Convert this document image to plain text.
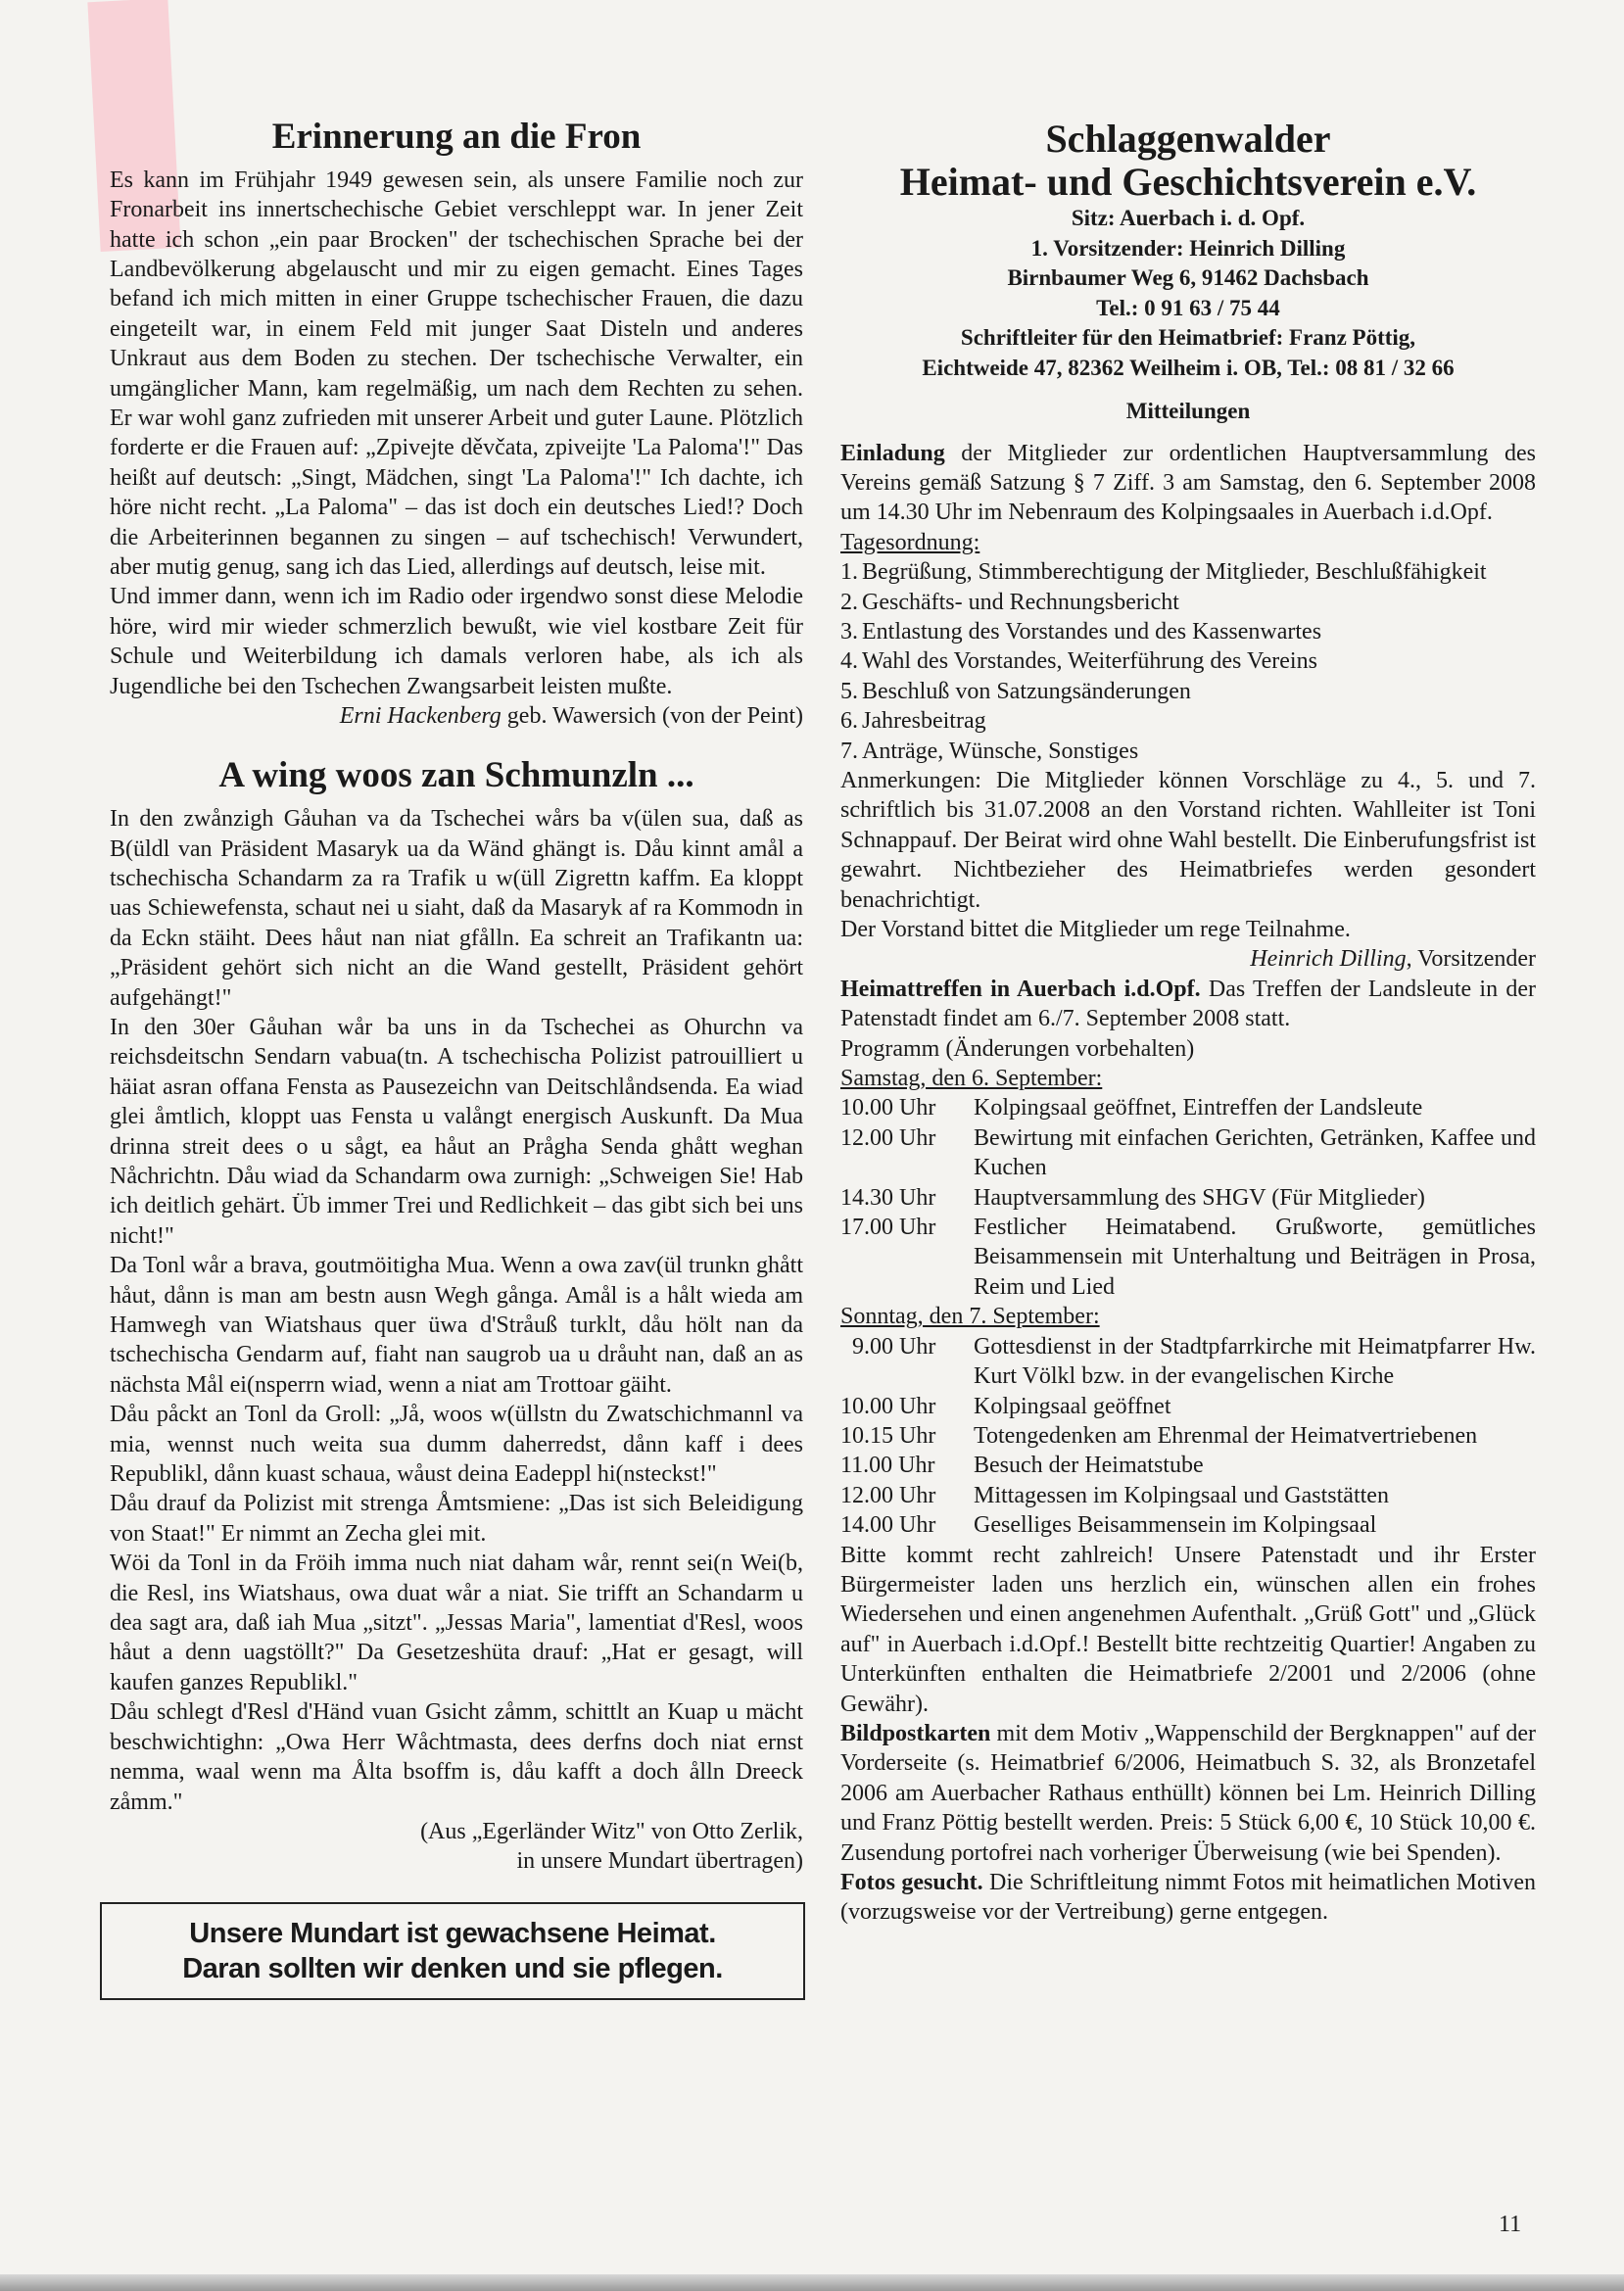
Erinnerung an die Fron

Es kann im Frühjahr 1949 gewesen sein, als unsere Familie noch zur Fronarbeit ins innertschechische Gebiet verschleppt war. In jener Zeit hatte ich schon „ein paar Brocken" der tschechischen Sprache bei der Landbevölkerung abgelauscht und mir zu eigen gemacht. Eines Tages befand ich mich mitten in einer Gruppe tschechischer Frauen, die dazu eingeteilt war, in einem Feld mit junger Saat Disteln und anderes Unkraut aus dem Boden zu stechen. Der tschechische Verwalter, ein umgänglicher Mann, kam regelmäßig, um nach dem Rechten zu sehen. Er war wohl ganz zufrieden mit unserer Arbeit und guter Laune. Plötzlich forderte er die Frauen auf: „Zpivejte děvčata, zpiveijte 'La Paloma'!" Das heißt auf deutsch: „Singt, Mädchen, singt 'La Paloma'!" Ich dachte, ich höre nicht recht. „La Paloma" – das ist doch ein deutsches Lied!? Doch die Arbeiterinnen begannen zu singen – auf tschechisch! Verwundert, aber mutig genug, sang ich das Lied, allerdings auf deutsch, leise mit.

Und immer dann, wenn ich im Radio oder irgendwo sonst diese Melodie höre, wird mir wieder schmerzlich bewußt, wie viel kostbare Zeit für Schule und Weiterbildung ich damals verloren habe, als ich als Jugendliche bei den Tschechen Zwangsarbeit leisten mußte.

Erni Hackenberg geb. Wawersich (von der Peint)

A wing woos zan Schmunzln ...

In den zwånzigh Gåuhan va da Tschechei wårs ba v(ülen sua, daß as B(üldl van Präsident Masaryk ua da Wänd ghängt is. Dåu kinnt amål a tschechischa Schandarm za ra Trafik u w(üll Zigrettn kaffm. Ea kloppt uas Schiewefensta, schaut nei u siaht, daß da Masaryk af ra Kommodn in da Eckn stäiht. Dees håut nan niat gfålln. Ea schreit an Trafikantn ua: „Präsident gehört sich nicht an die Wand gestellt, Präsident gehört aufgehängt!"

In den 30er Gåuhan wår ba uns in da Tschechei as Ohurchn va reichsdeitschn Sendarn vabua(tn. A tschechischa Polizist patrouilliert u häiat asran offana Fensta as Pausezeichn van Deitschlåndsenda. Ea wiad glei åmtlich, kloppt uas Fensta u valångt energisch Auskunft. Da Mua drinna streit dees o u sågt, ea håut an Prågha Senda ghått weghan Nåchrichtn. Dåu wiad da Schandarm owa zurnigh: „Schweigen Sie! Hab ich deitlich gehärt. Üb immer Trei und Redlichkeit – das gibt sich bei uns nicht!"

Da Tonl wår a brava, goutmöitigha Mua. Wenn a owa zav(ül trunkn ghått håut, dånn is man am bestn ausn Wegh gånga. Amål is a hålt wieda am Hamwegh van Wiatshaus quer üwa d'Stråuß turklt, dåu hölt nan da tschechischa Gendarm auf, fiaht nan saugrob ua u dråuht nan, daß an as nächsta Mål ei(nsperrn wiad, wenn a niat am Trottoar gäiht.

Dåu påckt an Tonl da Groll: „Jå, woos w(üllstn du Zwatschichmannl va mia, wennst nuch weita sua dumm daherredst, dånn kaff i dees Republikl, dånn kuast schaua, wåust deina Eadeppl hi(nsteckst!"

Dåu drauf da Polizist mit strenga Åmtsmiene: „Das ist sich Beleidigung von Staat!" Er nimmt an Zecha glei mit.

Wöi da Tonl in da Fröih imma nuch niat daham wår, rennt sei(n Wei(b, die Resl, ins Wiatshaus, owa duat wår a niat. Sie trifft an Schandarm u dea sagt ara, daß iah Mua „sitzt". „Jessas Maria", lamentiat d'Resl, woos håut a denn uagstöllt?" Da Gesetzeshüta drauf: „Hat er gesagt, will kaufen ganzes Republikl."

Dåu schlegt d'Resl d'Händ vuan Gsicht zåmm, schittlt an Kuap u mächt beschwichtighn: „Owa Herr Wåchtmasta, dees derfns doch niat ernst nemma, waal wenn ma Ålta bsoffm is, dåu kafft a doch ålln Dreeck zåmm."

(Aus „Egerländer Witz" von Otto Zerlik,

in unsere Mundart übertragen)

Unsere Mundart ist gewachsene Heimat.
Daran sollten wir denken und sie pflegen.
Schlaggenwalder
Heimat- und Geschichtsverein e.V.

Sitz: Auerbach i. d. Opf.

1. Vorsitzender: Heinrich Dilling

Birnbaumer Weg 6, 91462 Dachsbach

Tel.: 0 91 63 / 75 44

Schriftleiter für den Heimatbrief: Franz Pöttig,

Eichtweide 47, 82362 Weilheim i. OB, Tel.: 08 81 / 32 66

Mitteilungen

Einladung der Mitglieder zur ordentlichen Hauptversammlung des Vereins gemäß Satzung § 7 Ziff. 3 am Samstag, den 6. September 2008 um 14.30 Uhr im Nebenraum des Kolpingsaales in Auerbach i.d.Opf.

Tagesordnung:

1. Begrüßung, Stimmberechtigung der Mitglieder, Beschlußfähigkeit
2. Geschäfts- und Rechnungsbericht
3. Entlastung des Vorstandes und des Kassenwartes
4. Wahl des Vorstandes, Weiterführung des Vereins
5. Beschluß von Satzungsänderungen
6. Jahresbeitrag
7. Anträge, Wünsche, Sonstiges

Anmerkungen: Die Mitglieder können Vorschläge zu 4., 5. und 7. schriftlich bis 31.07.2008 an den Vorstand richten. Wahlleiter ist Toni Schnappauf. Der Beirat wird ohne Wahl bestellt. Die Einberufungsfrist ist gewahrt. Nichtbezieher des Heimatbriefes werden gesondert benachrichtigt.

Der Vorstand bittet die Mitglieder um rege Teilnahme.

Heinrich Dilling, Vorsitzender

Heimattreffen in Auerbach i.d.Opf. Das Treffen der Landsleute in der Patenstadt findet am 6./7. September 2008 statt.

Programm (Änderungen vorbehalten)

Samstag, den 6. September:

10.00 Uhr	Kolpingsaal geöffnet, Eintreffen der Landsleute
12.00 Uhr	Bewirtung mit einfachen Gerichten, Getränken, Kaffee und Kuchen
14.30 Uhr	Hauptversammlung des SHGV (Für Mitglieder)
17.00 Uhr	Festlicher Heimatabend. Grußworte, gemütliches Beisammensein mit Unterhaltung und Beiträgen in Prosa, Reim und Lied

Sonntag, den 7. September:

9.00 Uhr	Gottesdienst in der Stadtpfarrkirche mit Heimatpfarrer Hw. Kurt Völkl bzw. in der evangelischen Kirche
10.00 Uhr	Kolpingsaal geöffnet
10.15 Uhr	Totengedenken am Ehrenmal der Heimatvertriebenen
11.00 Uhr	Besuch der Heimatstube
12.00 Uhr	Mittagessen im Kolpingsaal und Gaststätten
14.00 Uhr	Geselliges Beisammensein im Kolpingsaal

Bitte kommt recht zahlreich! Unsere Patenstadt und ihr Erster Bürgermeister laden uns herzlich ein, wünschen allen ein frohes Wiedersehen und einen angenehmen Aufenthalt. „Grüß Gott" und „Glück auf" in Auerbach i.d.Opf.! Bestellt bitte rechtzeitig Quartier! Angaben zu Unterkünften enthalten die Heimatbriefe 2/2001 und 2/2006 (ohne Gewähr).

Bildpostkarten mit dem Motiv „Wappenschild der Bergknappen" auf der Vorderseite (s. Heimatbrief 6/2006, Heimatbuch S. 32, als Bronzetafel 2006 am Auerbacher Rathaus enthüllt) können bei Lm. Heinrich Dilling und Franz Pöttig bestellt werden. Preis: 5 Stück 6,00 €, 10 Stück 10,00 €. Zusendung portofrei nach vorheriger Überweisung (wie bei Spenden).

Fotos gesucht. Die Schriftleitung nimmt Fotos mit heimatlichen Motiven (vorzugsweise vor der Vertreibung) gerne entgegen.

11
